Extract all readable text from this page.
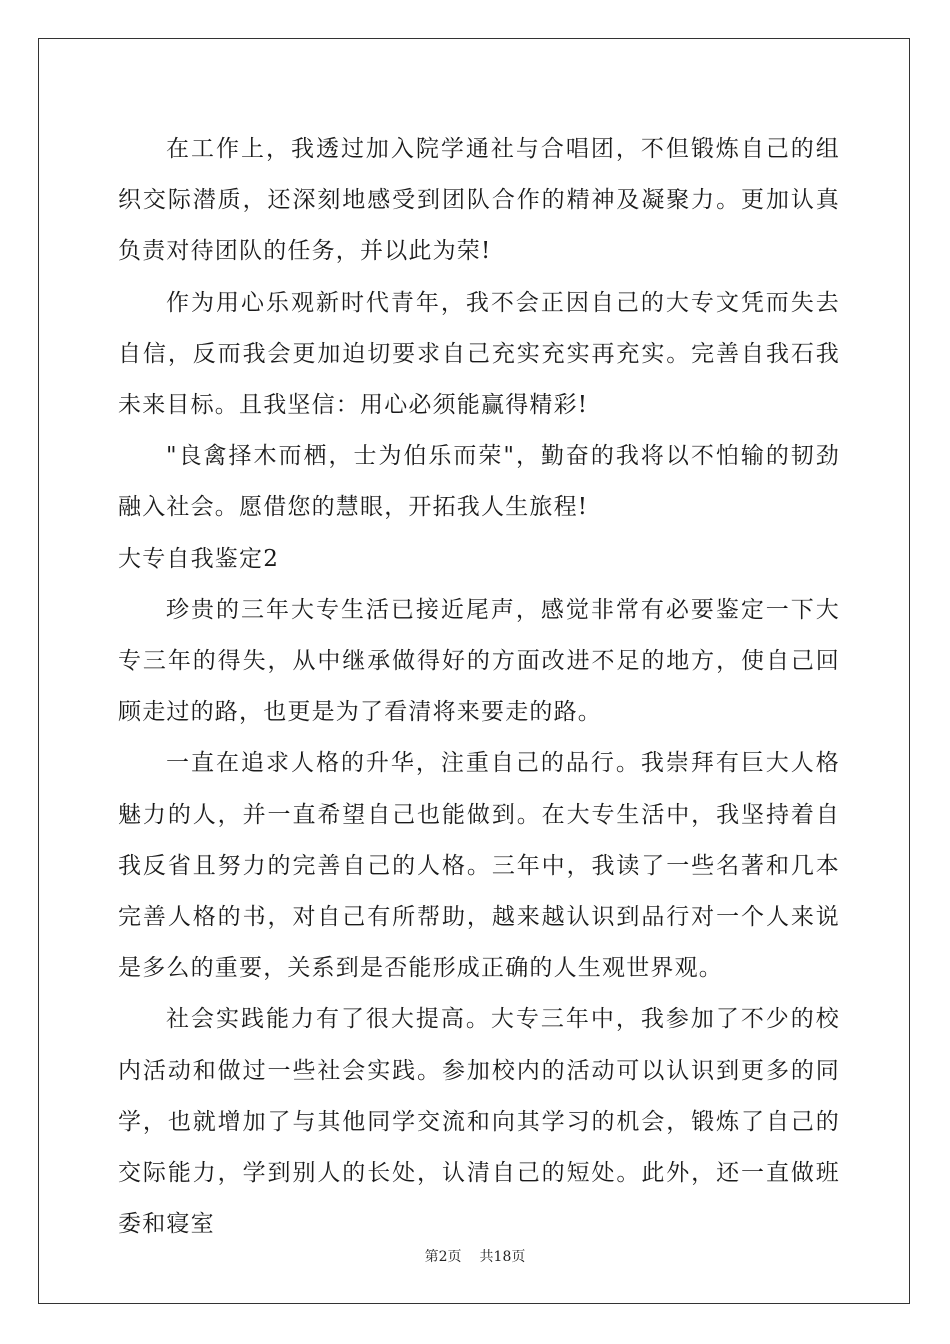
在工作上，我透过加入院学通社与合唱团，不但锻炼自己的组织交际潜质，还深刻地感受到团队合作的精神及凝聚力。更加认真负责对待团队的任务，并以此为荣!

作为用心乐观新时代青年，我不会正因自己的大专文凭而失去自信，反而我会更加迫切要求自己充实充实再充实。完善自我石我未来目标。且我坚信：用心必须能赢得精彩!

"良禽择木而栖，士为伯乐而荣"，勤奋的我将以不怕输的韧劲融入社会。愿借您的慧眼，开拓我人生旅程!

大专自我鉴定2

珍贵的三年大专生活已接近尾声，感觉非常有必要鉴定一下大专三年的得失，从中继承做得好的方面改进不足的地方，使自己回顾走过的路，也更是为了看清将来要走的路。

一直在追求人格的升华，注重自己的品行。我崇拜有巨大人格魅力的人，并一直希望自己也能做到。在大专生活中，我坚持着自我反省且努力的完善自己的人格。三年中，我读了一些名著和几本完善人格的书，对自己有所帮助，越来越认识到品行对一个人来说是多么的重要，关系到是否能形成正确的人生观世界观。

社会实践能力有了很大提高。大专三年中，我参加了不少的校内活动和做过一些社会实践。参加校内的活动可以认识到更多的同学，也就增加了与其他同学交流和向其学习的机会，锻炼了自己的交际能力，学到别人的长处，认清自己的短处。此外，还一直做班委和寝室

第2页 共18页
